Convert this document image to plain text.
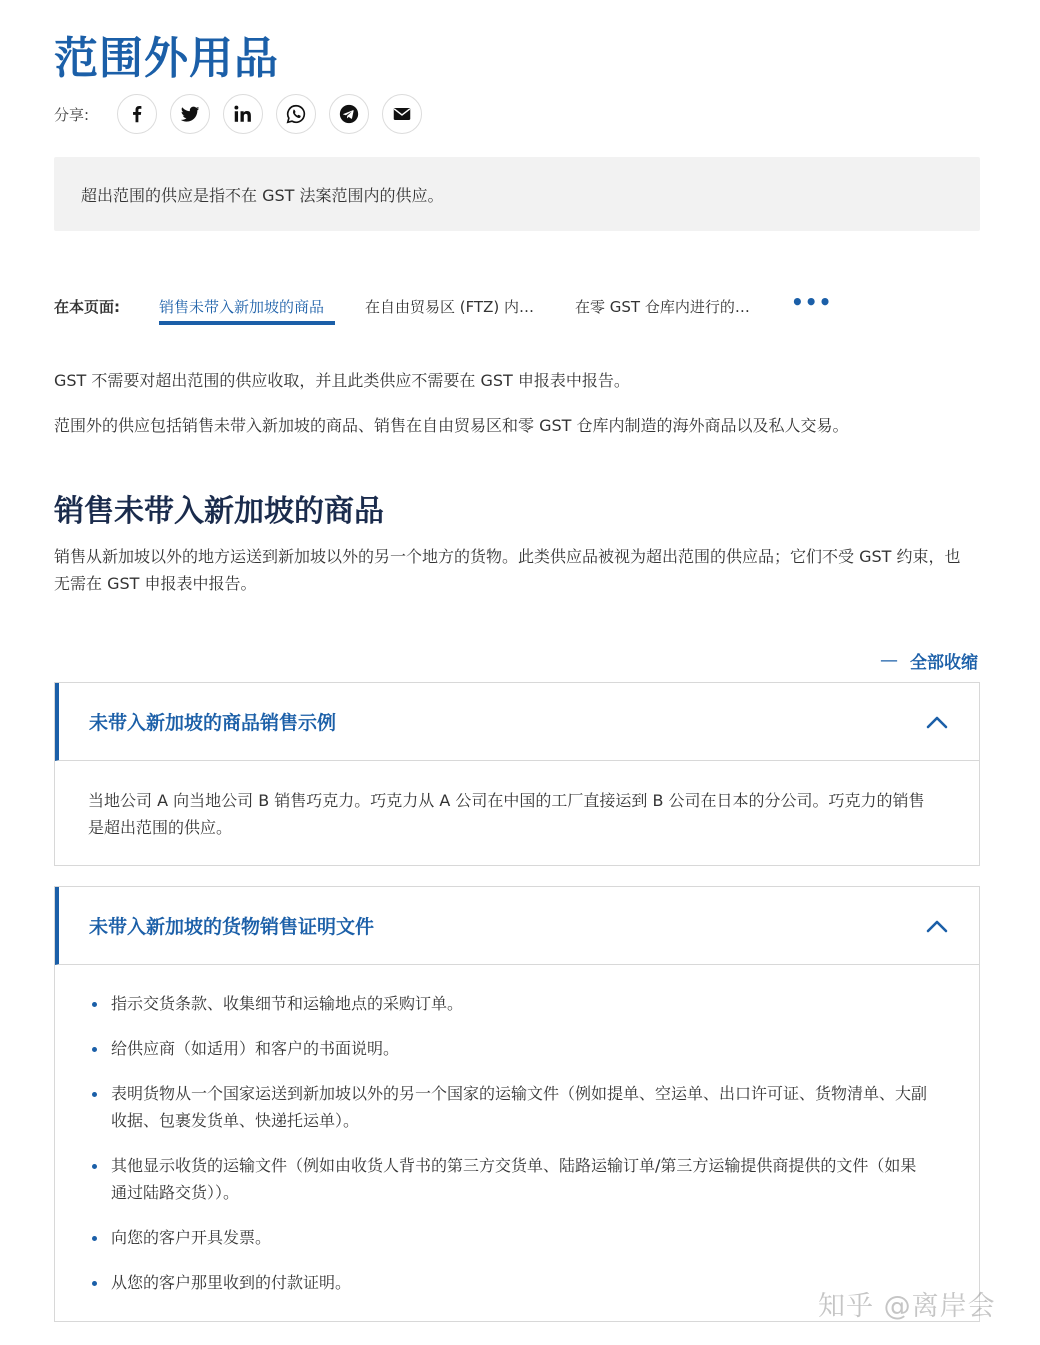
范围外用品
分享:
超出范围的供应是指不在 GST 法案范围内的供应。
在本页面:	销售未带入新加坡的商品	在自由贸易区 (FTZ) 内…	在零 GST 仓库内进行的… •••

GST 不需要对超出范围的供应收取，并且此类供应不需要在 GST 申报表中报告。

范围外的供应包括销售未带入新加坡的商品、销售在自由贸易区和零 GST 仓库内制造的海外商品以及私人交易。

销售未带入新加坡的商品

销售从新加坡以外的地方运送到新加坡以外的另一个地方的货物。此类供应品被视为超出范围的供应品；它们不受 GST 约束，也无需在 GST 申报表中报告。

— 全部收缩
未带入新加坡的商品销售示例
当地公司 A 向当地公司 B 销售巧克力。巧克力从 A 公司在中国的工厂直接运到 B 公司在日本的分公司。巧克力的销售是超出范围的供应。
未带入新加坡的货物销售证明文件
指示交货条款、收集细节和运输地点的采购订单。
给供应商（如适用）和客户的书面说明。
表明货物从一个国家运送到新加坡以外的另一个国家的运输文件（例如提单、空运单、出口许可证、货物清单、大副收据、包裹发货单、快递托运单）。
其他显示收货的运输文件（例如由收货人背书的第三方交货单、陆路运输订单/第三方运输提供商提供的文件（如果通过陆路交货））。
向您的客户开具发票。
从您的客户那里收到的付款证明。
知乎 @离岸会
